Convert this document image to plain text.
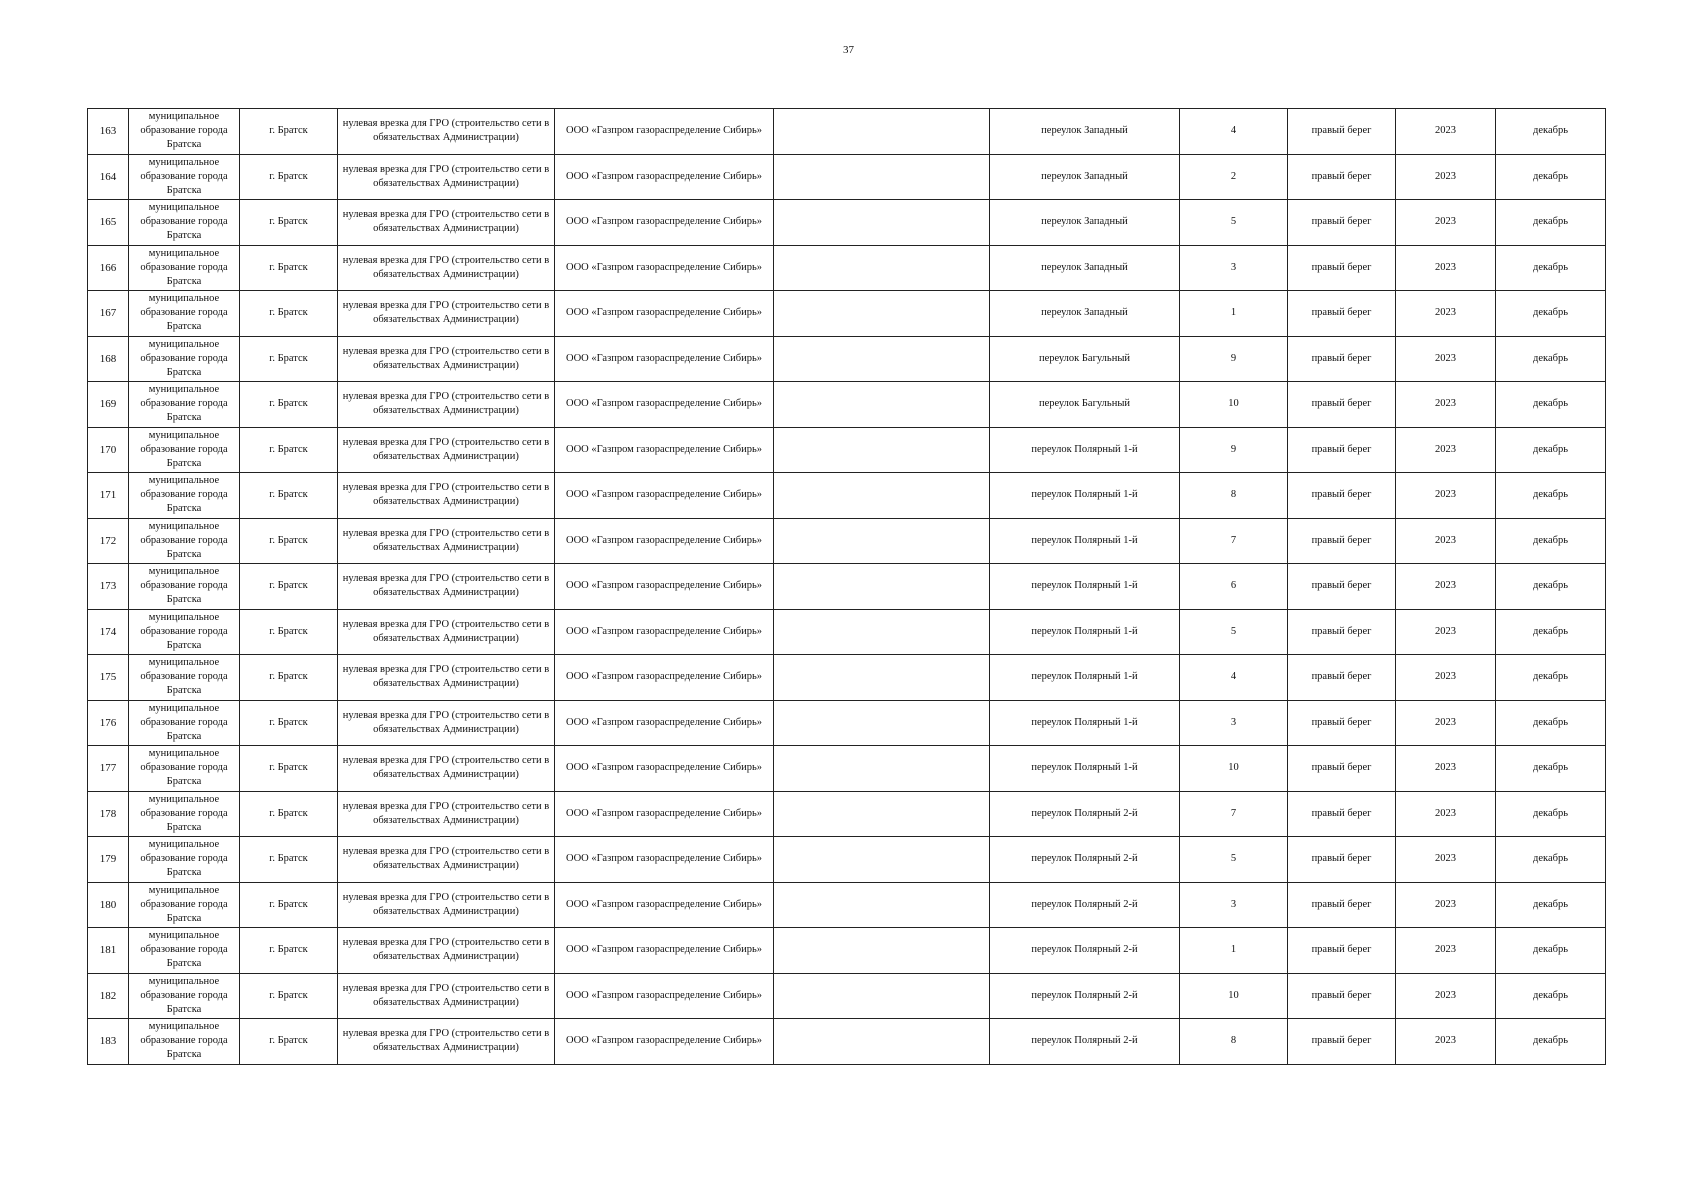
37
163	муниципальное образование города Братска	г. Братск	нулевая врезка для ГРО (строительство сети в обязательствах Администрации)	ООО «Газпром газораспределение Сибирь»		переулок Западный	4	правый берег	2023	декабрь
164	муниципальное образование города Братска	г. Братск	нулевая врезка для ГРО (строительство сети в обязательствах Администрации)	ООО «Газпром газораспределение Сибирь»		переулок Западный	2	правый берег	2023	декабрь
165	муниципальное образование города Братска	г. Братск	нулевая врезка для ГРО (строительство сети в обязательствах Администрации)	ООО «Газпром газораспределение Сибирь»		переулок Западный	5	правый берег	2023	декабрь
166	муниципальное образование города Братска	г. Братск	нулевая врезка для ГРО (строительство сети в обязательствах Администрации)	ООО «Газпром газораспределение Сибирь»		переулок Западный	3	правый берег	2023	декабрь
167	муниципальное образование города Братска	г. Братск	нулевая врезка для ГРО (строительство сети в обязательствах Администрации)	ООО «Газпром газораспределение Сибирь»		переулок Западный	1	правый берег	2023	декабрь
168	муниципальное образование города Братска	г. Братск	нулевая врезка для ГРО (строительство сети в обязательствах Администрации)	ООО «Газпром газораспределение Сибирь»		переулок Багульный	9	правый берег	2023	декабрь
169	муниципальное образование города Братска	г. Братск	нулевая врезка для ГРО (строительство сети в обязательствах Администрации)	ООО «Газпром газораспределение Сибирь»		переулок Багульный	10	правый берег	2023	декабрь
170	муниципальное образование города Братска	г. Братск	нулевая врезка для ГРО (строительство сети в обязательствах Администрации)	ООО «Газпром газораспределение Сибирь»		переулок Полярный 1-й	9	правый берег	2023	декабрь
171	муниципальное образование города Братска	г. Братск	нулевая врезка для ГРО (строительство сети в обязательствах Администрации)	ООО «Газпром газораспределение Сибирь»		переулок Полярный 1-й	8	правый берег	2023	декабрь
172	муниципальное образование города Братска	г. Братск	нулевая врезка для ГРО (строительство сети в обязательствах Администрации)	ООО «Газпром газораспределение Сибирь»		переулок Полярный 1-й	7	правый берег	2023	декабрь
173	муниципальное образование города Братска	г. Братск	нулевая врезка для ГРО (строительство сети в обязательствах Администрации)	ООО «Газпром газораспределение Сибирь»		переулок Полярный 1-й	6	правый берег	2023	декабрь
174	муниципальное образование города Братска	г. Братск	нулевая врезка для ГРО (строительство сети в обязательствах Администрации)	ООО «Газпром газораспределение Сибирь»		переулок Полярный 1-й	5	правый берег	2023	декабрь
175	муниципальное образование города Братска	г. Братск	нулевая врезка для ГРО (строительство сети в обязательствах Администрации)	ООО «Газпром газораспределение Сибирь»		переулок Полярный 1-й	4	правый берег	2023	декабрь
176	муниципальное образование города Братска	г. Братск	нулевая врезка для ГРО (строительство сети в обязательствах Администрации)	ООО «Газпром газораспределение Сибирь»		переулок Полярный 1-й	3	правый берег	2023	декабрь
177	муниципальное образование города Братска	г. Братск	нулевая врезка для ГРО (строительство сети в обязательствах Администрации)	ООО «Газпром газораспределение Сибирь»		переулок Полярный 1-й	10	правый берег	2023	декабрь
178	муниципальное образование города Братска	г. Братск	нулевая врезка для ГРО (строительство сети в обязательствах Администрации)	ООО «Газпром газораспределение Сибирь»		переулок Полярный 2-й	7	правый берег	2023	декабрь
179	муниципальное образование города Братска	г. Братск	нулевая врезка для ГРО (строительство сети в обязательствах Администрации)	ООО «Газпром газораспределение Сибирь»		переулок Полярный 2-й	5	правый берег	2023	декабрь
180	муниципальное образование города Братска	г. Братск	нулевая врезка для ГРО (строительство сети в обязательствах Администрации)	ООО «Газпром газораспределение Сибирь»		переулок Полярный 2-й	3	правый берег	2023	декабрь
181	муниципальное образование города Братска	г. Братск	нулевая врезка для ГРО (строительство сети в обязательствах Администрации)	ООО «Газпром газораспределение Сибирь»		переулок Полярный 2-й	1	правый берег	2023	декабрь
182	муниципальное образование города Братска	г. Братск	нулевая врезка для ГРО (строительство сети в обязательствах Администрации)	ООО «Газпром газораспределение Сибирь»		переулок Полярный 2-й	10	правый берег	2023	декабрь
183	муниципальное образование города Братска	г. Братск	нулевая врезка для ГРО (строительство сети в обязательствах Администрации)	ООО «Газпром газораспределение Сибирь»		переулок Полярный 2-й	8	правый берег	2023	декабрь
